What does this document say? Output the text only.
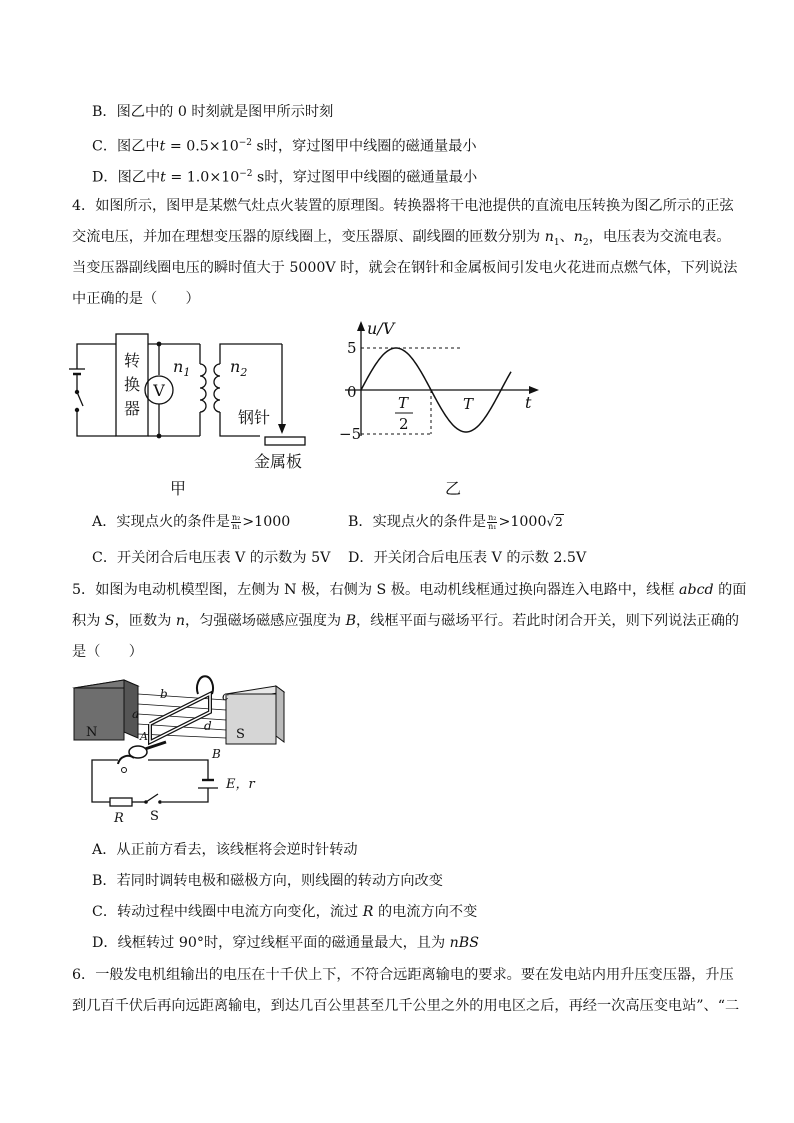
B．图乙中的 0 时刻就是图甲所示时刻
C．图乙中$t = 0.5\times 10^{-2}$ s时，穿过图甲中线圈的磁通量最小
D．图乙中$t = 1.0\times 10^{-2}$ s时，穿过图甲中线圈的磁通量最小
4．如图所示，图甲是某燃气灶点火装置的原理图。转换器将干电池提供的直流电压转换为图乙所示的正弦
交流电压，并加在理想变压器的原线圈上，变压器原、副线圈的匝数分别为 $n_1$、$n_2$，电压表为交流电表。
当变压器副线圈电压的瞬时值大于 5000V 时，就会在钢针和金属板间引发电火花进而点燃气体，下列说法
中正确的是（　　）
转换器
V
$n_1$ $n_2$
钢针
金属板
甲
u/V
5
0
−5
T
2
T	t
乙
A．实现点火的条件是 $\frac{\text{n₂}}{\text{n₁}} >1000$	B．实现点火的条件是 $\frac{\text{n₂}}{\text{n₁}} >1000√2$
C．开关闭合后电压表 V 的示数为 5V D．开关闭合后电压表 V 的示数 2.5V
5．如图为电动机模型图，左侧为 N 极，右侧为 S 极。电动机线框通过换向器连入电路中，线框 abcd 的面
积为 S，匝数为 n，匀强磁场磁感应强度为 B，线框平面与磁场平行。若此时闭合开关，则下列说法正确的
是（　　）
N	S
b	c
a
d
A
B
E，r
R S
A．从正前方看去，该线框将会逆时针转动
B．若同时调转电极和磁极方向，则线圈的转动方向改变
C．转动过程中线圈中电流方向变化，流过 R 的电流方向不变
D．线框转过 90°时，穿过线框平面的磁通量最大，且为 nBS
6．一般发电机组输出的电压在十千伏上下，不符合远距离输电的要求。要在发电站内用升压变压器，升压
到几百千伏后再向远距离输电，到达几百公里甚至几千公里之外的用电区之后，再经一次高压变电站”、“二
